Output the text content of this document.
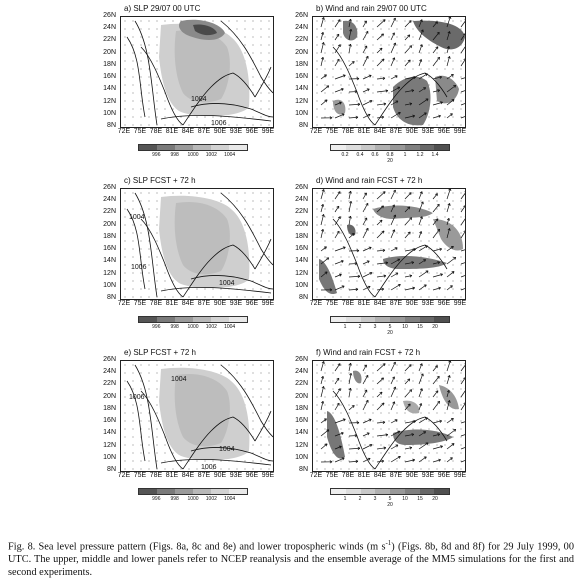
a) SLP 29/07 00 UTC
26N
24N
22N
20N
18N
16N
14N
12N
10N
8N
1004
1006
72E 75E 78E 81E 84E 87E 90E 93E 96E 99E
996 998 1000 1002 1004
b) Wind and rain 29/07 00 UTC
26N
24N
22N
20N
18N
16N
14N
12N
10N
8N
72E 75E 78E 81E 84E 87E 90E 93E 96E 99E
0.2 0.4 0.6 0.8 1 1.2 1.4
20
c) SLP FCST + 72 h
26N
24N
22N
20N
18N
16N
14N
12N
10N
8N
1004
1006
1004
72E 75E 78E 81E 84E 87E 90E 93E 96E 99E
996 998 1000 1002 1004
d) Wind and rain FCST + 72 h
26N
24N
22N
20N
18N
16N
14N
12N
10N
8N
72E 75E 78E 81E 84E 87E 90E 93E 96E 99E
1 2 3 5 10 15 20
20
e) SLP FCST + 72 h
26N
24N
22N
20N
18N
16N
14N
12N
10N
8N
1004
1006
1004
1006
72E 75E 78E 81E 84E 87E 90E 93E 96E 99E
996 998 1000 1002 1004
f) Wind and rain FCST + 72 h
26N
24N
22N
20N
18N
16N
14N
12N
10N
8N
72E 75E 78E 81E 84E 87E 90E 93E 96E 99E
1 2 3 5 10 15 20
20
Fig. 8. Sea level pressure pattern (Figs. 8a, 8c and 8e) and lower tropospheric winds (m $s^{-1}$) (Figs. 8b, 8d and 8f) for 29 July 1999, 00 UTC. The upper, middle and lower panels refer to NCEP reanalysis and the ensemble average of the MM5 simulations for the first and second experiments.
